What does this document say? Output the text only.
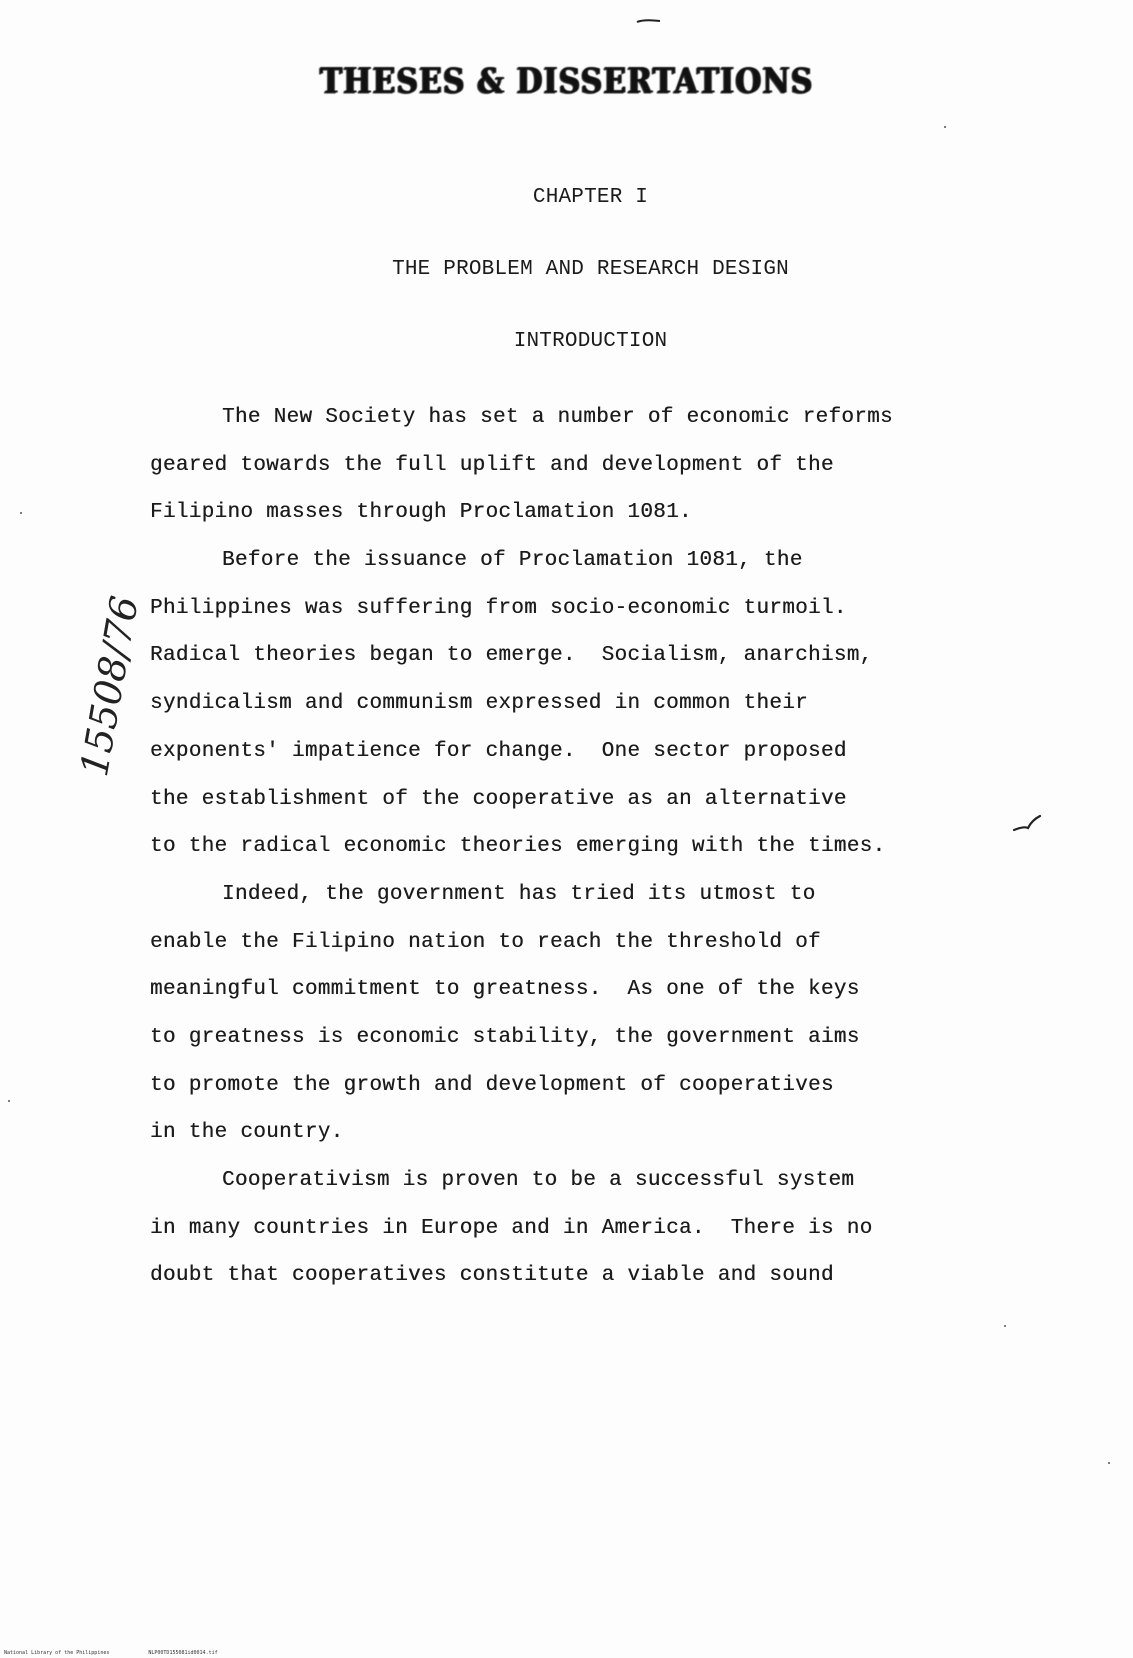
THESES & DISSERTATIONS
CHAPTER I
THE PROBLEM AND RESEARCH DESIGN
INTRODUCTION
15508/76
The New Society has set a number of economic reforms
geared towards the full uplift and development of the
Filipino masses through Proclamation 1081.
Before the issuance of Proclamation 1081, the
Philippines was suffering from socio-economic turmoil.
Radical theories began to emerge.  Socialism, anarchism,
syndicalism and communism expressed in common their
exponents' impatience for change.  One sector proposed
the establishment of the cooperative as an alternative
to the radical economic theories emerging with the times.
Indeed, the government has tried its utmost to
enable the Filipino nation to reach the threshold of
meaningful commitment to greatness.  As one of the keys
to greatness is economic stability, the government aims
to promote the growth and development of cooperatives
in the country.
Cooperativism is proven to be a successful system
in many countries in Europe and in America.  There is no
doubt that cooperatives constitute a viable and sound
National Library of the Philippines	NLP00TD155081id0014.tif
